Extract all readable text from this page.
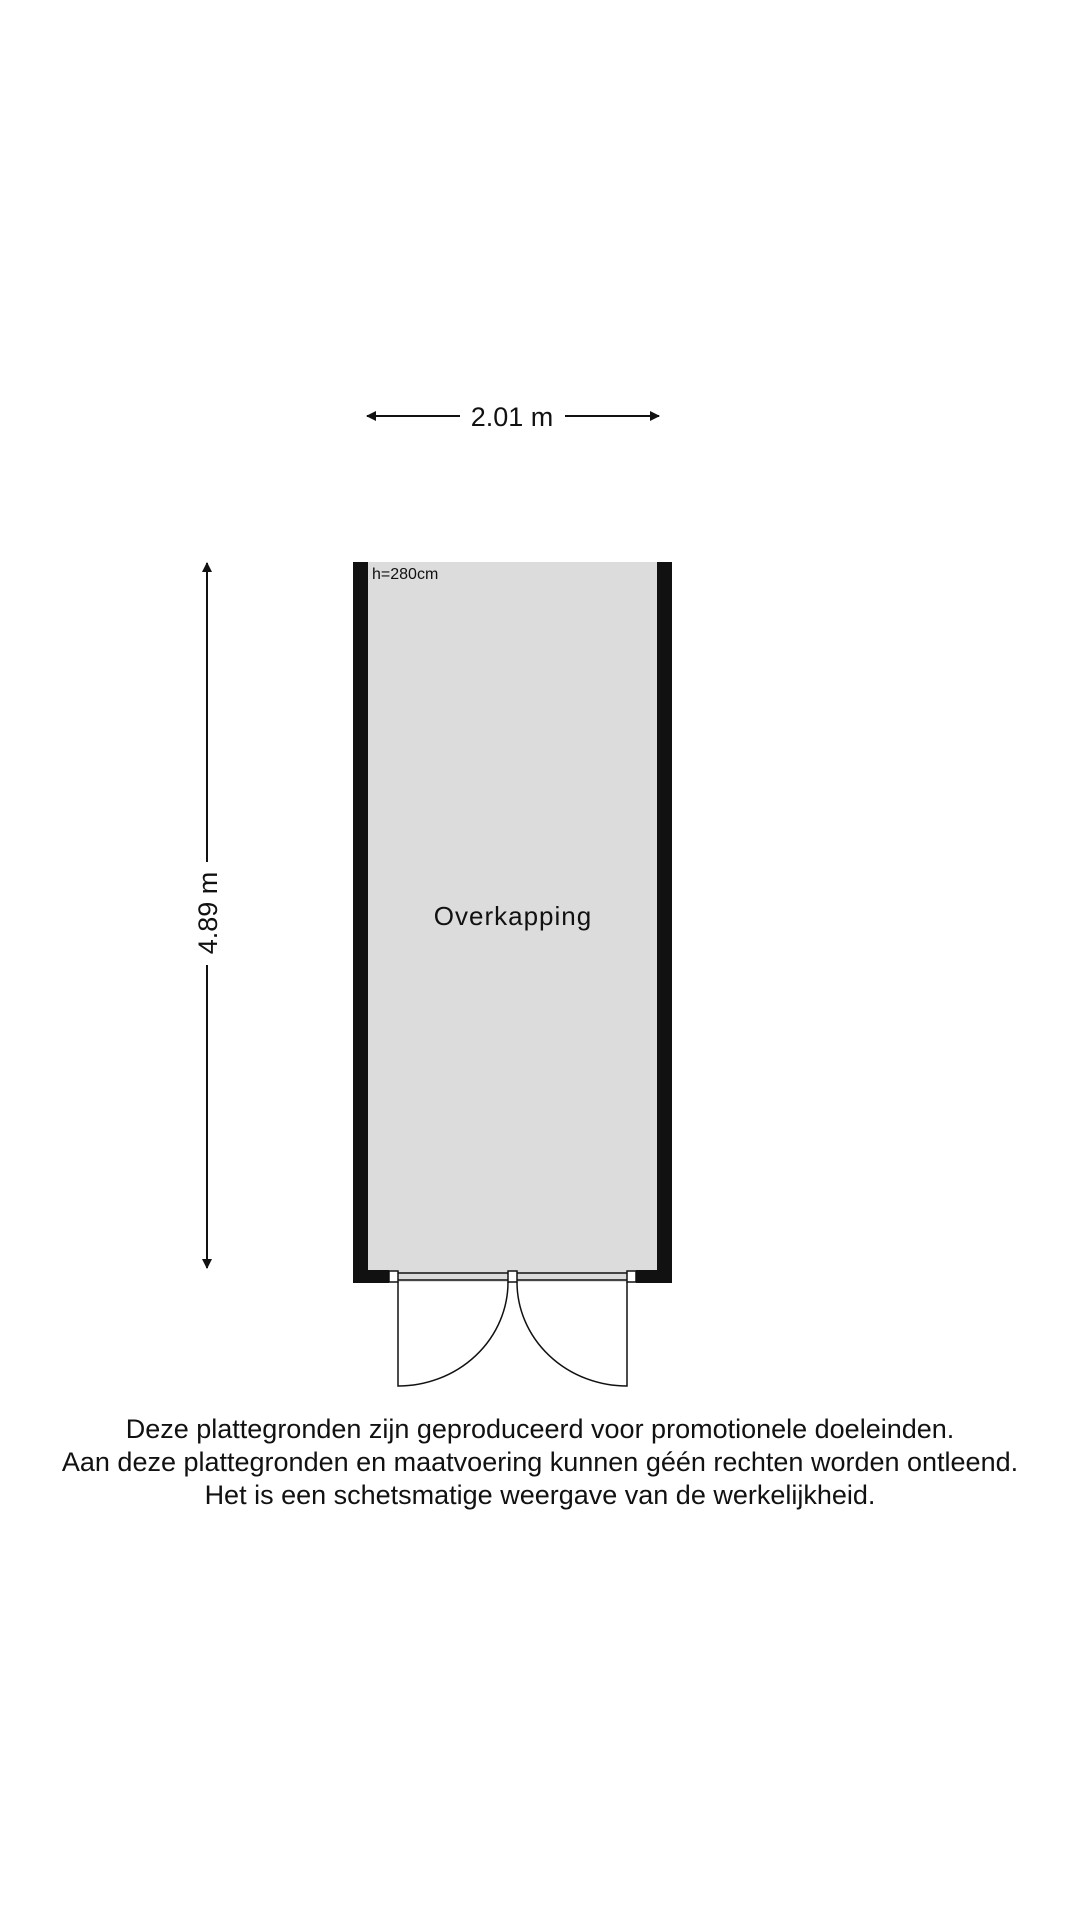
2.01 m
4.89 m
h=280cm
Overkapping
Deze plattegronden zijn geproduceerd voor promotionele doeleinden.
Aan deze plattegronden en maatvoering kunnen géén rechten worden ontleend.
Het is een schetsmatige weergave van de werkelijkheid.
